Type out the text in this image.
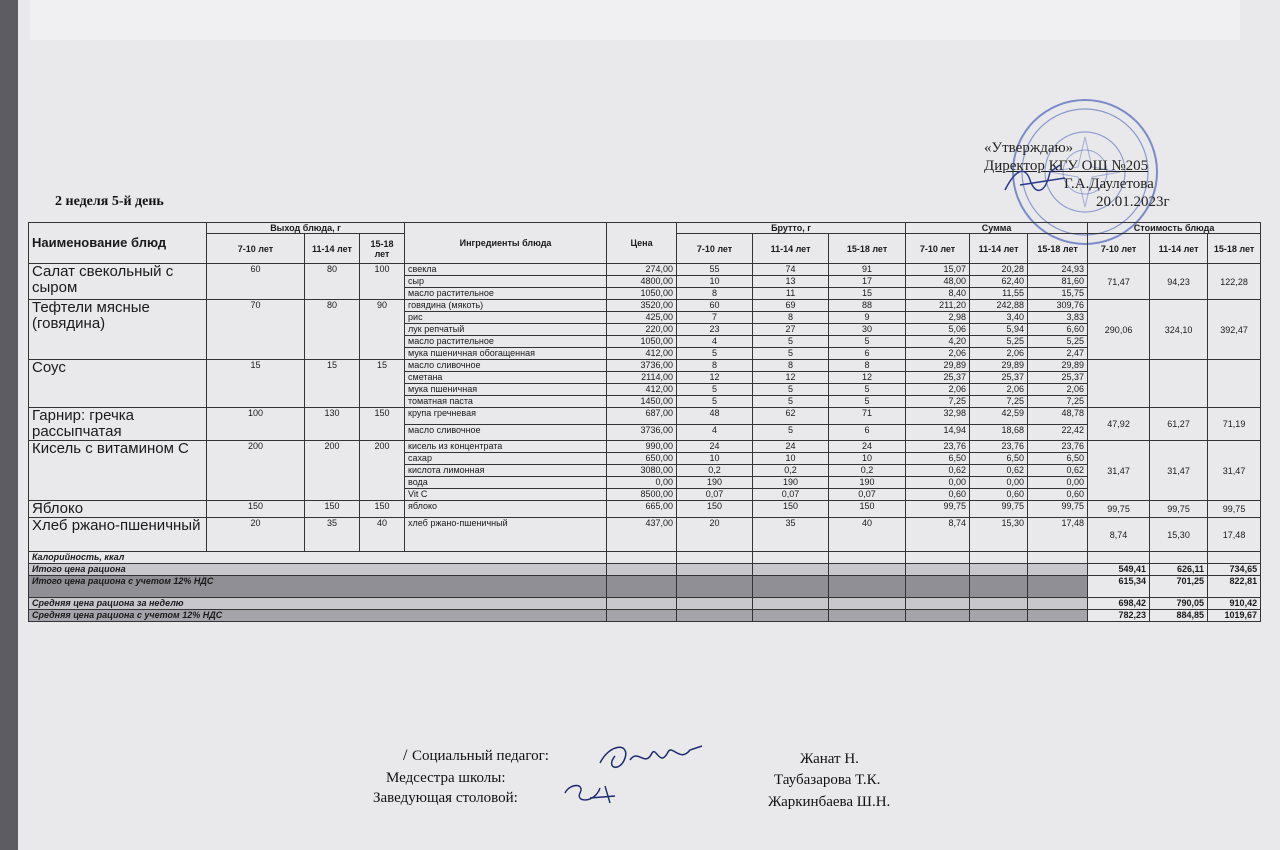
«Утверждаю»
Директор КГУ ОШ №205
Г.А.Даулетова
20.01.2023г
2 неделя 5-й день
Наименование блюд	Выход блюда, г			Ингредиенты блюда	Цена	Брутто, г			Сумма			Стоимость блюда		
	7-10 лет	11-14 лет	15-18 лет			7-10 лет	11-14 лет	15-18 лет	7-10 лет	11-14 лет	15-18 лет	7-10 лет	11-14 лет	15-18 лет
Салат свекольный с сыром	60	80	100	свекла	274,00	55	74	91	15,07	20,28	24,93	71,47	94,23	122,28
				сыр	4800,00	10	13	17	48,00	62,40	81,60			
				масло растительное	1050,00	8	11	15	8,40	11,55	15,75			
Тефтели мясные (говядина)	70	80	90	говядина (мякоть)	3520,00	60	69	88	211,20	242,88	309,76	290,06	324,10	392,47
				рис	425,00	7	8	9	2,98	3,40	3,83			
				лук репчатый	220,00	23	27	30	5,06	5,94	6,60			
				масло растительное	1050,00	4	5	5	4,20	5,25	5,25			
				мука пшеничная обогащенная	412,00	5	5	6	2,06	2,06	2,47			
Соус	15	15	15	масло сливочное	3736,00	8	8	8	29,89	29,89	29,89			
				сметана	2114,00	12	12	12	25,37	25,37	25,37			
				мука пшеничная	412,00	5	5	5	2,06	2,06	2,06			
				томатная паста	1450,00	5	5	5	7,25	7,25	7,25			
Гарнир: гречка рассыпчатая	100	130	150	крупа гречневая	687,00	48	62	71	32,98	42,59	48,78	47,92	61,27	71,19
				масло сливочное	3736,00	4	5	6	14,94	18,68	22,42			
Кисель с витамином С	200	200	200	кисель из концентрата	990,00	24	24	24	23,76	23,76	23,76	31,47	31,47	31,47
				сахар	650,00	10	10	10	6,50	6,50	6,50			
				кислота лимонная	3080,00	0,2	0,2	0,2	0,62	0,62	0,62			
				вода	0,00	190	190	190	0,00	0,00	0,00			
				Vit C	8500,00	0,07	0,07	0,07	0,60	0,60	0,60			
Яблоко	150	150	150	яблоко	665,00	150	150	150	99,75	99,75	99,75	99,75	99,75	99,75
Хлеб ржано-пшеничный	20	35	40	хлеб ржано-пшеничный	437,00	20	35	40	8,74	15,30	17,48	8,74	15,30	17,48
Калорийность, ккал														
Итого цена рациона												549,41	626,11	734,65
Итого цена рациона с учетом 12% НДС												615,34	701,25	822,81
Средняя цена рациона за неделю												698,42	790,05	910,42
Средняя цена рациона с учетом 12% НДС												782,23	884,85	1019,67
Социальный педагог:	Жанат Н.
Медсестра школы:	Таубазарова Т.К.
Заведующая столовой:	Жаркинбаева Ш.Н.
/
